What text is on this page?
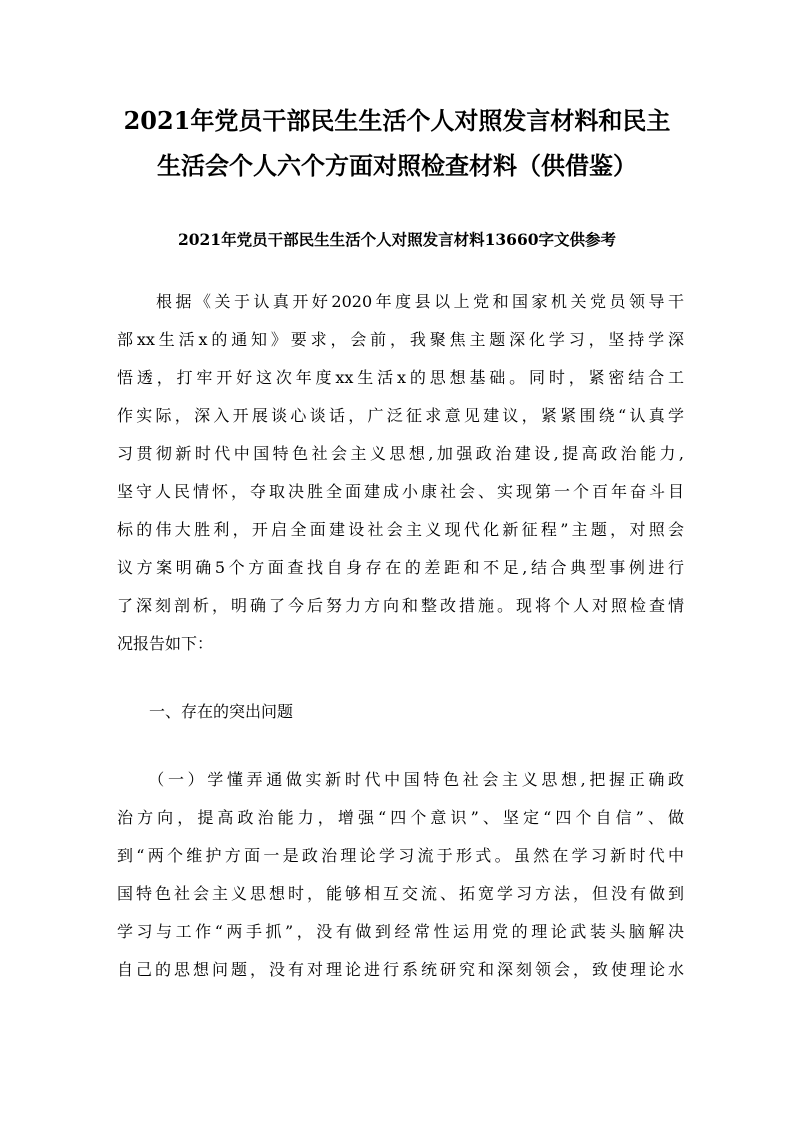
2021年党员干部民生生活个人对照发言材料和民主
生活会个人六个方面对照检查材料（供借鉴）
2021年党员干部民生生活个人对照发言材料13660字文供参考
　　根据《关于认真开好2020年度县以上党和国家机关党员领导干
部xx生活x的通知》要求，会前，我聚焦主题深化学习，坚持学深
悟透，打牢开好这次年度xx生活x的思想基础。同时，紧密结合工
作实际，深入开展谈心谈话，广泛征求意见建议，紧紧围绕“认真学
习贯彻新时代中国特色社会主义思想,加强政治建设,提高政治能力,
坚守人民情怀，夺取决胜全面建成小康社会、实现第一个百年奋斗目
标的伟大胜利，开启全面建设社会主义现代化新征程”主题，对照会
议方案明确5个方面查找自身存在的差距和不足,结合典型事例进行
了深刻剖析，明确了今后努力方向和整改措施。现将个人对照检查情
况报告如下：
　　一、存在的突出问题
　　（一）学懂弄通做实新时代中国特色社会主义思想,把握正确政
治方向，提高政治能力，增强“四个意识”、坚定“四个自信”、做
到“两个维护方面一是政治理论学习流于形式。虽然在学习新时代中
国特色社会主义思想时，能够相互交流、拓宽学习方法，但没有做到
学习与工作“两手抓”，没有做到经常性运用党的理论武装头脑解决
自己的思想问题，没有对理论进行系统研究和深刻领会，致使理论水
